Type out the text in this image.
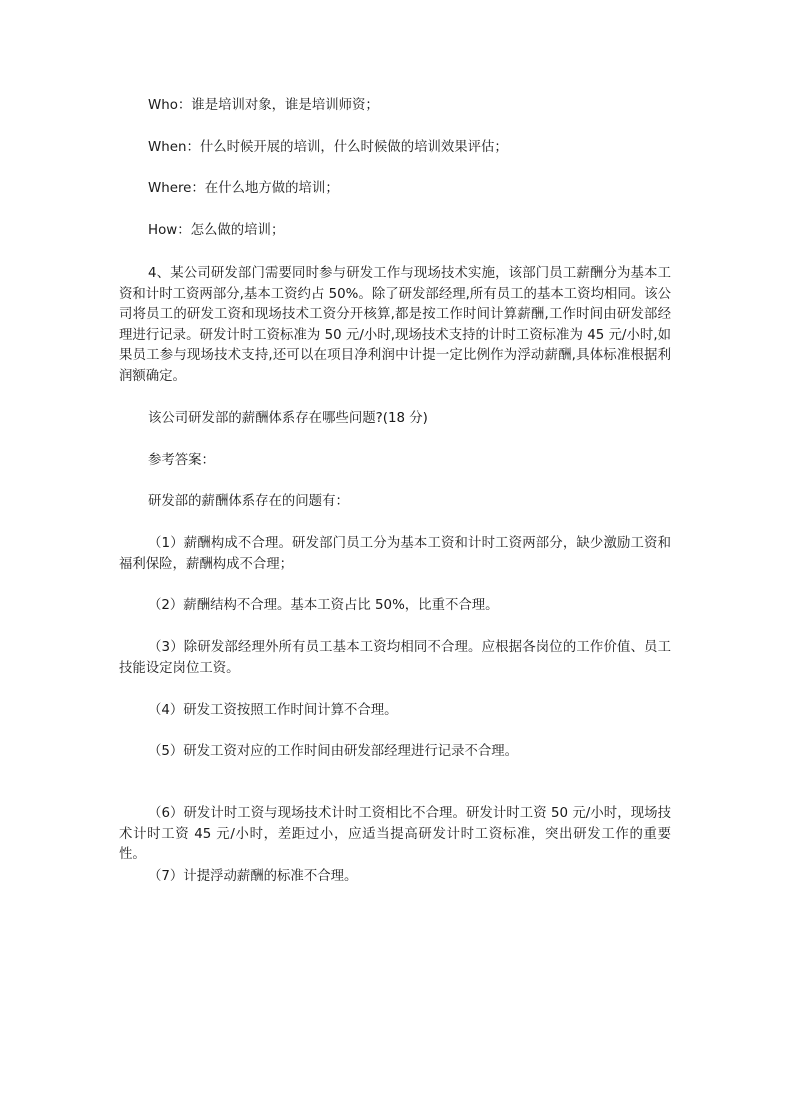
Who：谁是培训对象，谁是培训师资；

When：什么时候开展的培训，什么时候做的培训效果评估；

Where：在什么地方做的培训；

How：怎么做的培训；

4、某公司研发部门需要同时参与研发工作与现场技术实施，该部门员工薪酬分为基本工资和计时工资两部分,基本工资约占 50%。除了研发部经理,所有员工的基本工资均相同。该公司将员工的研发工资和现场技术工资分开核算,都是按工作时间计算薪酬,工作时间由研发部经理进行记录。研发计时工资标准为 50 元/小时,现场技术支持的计时工资标准为 45 元/小时,如果员工参与现场技术支持,还可以在项目净利润中计提一定比例作为浮动薪酬,具体标准根据利润额确定。

该公司研发部的薪酬体系存在哪些问题?(18 分)

参考答案：

研发部的薪酬体系存在的问题有：

（1）薪酬构成不合理。研发部门员工分为基本工资和计时工资两部分，缺少激励工资和福利保险，薪酬构成不合理；

（2）薪酬结构不合理。基本工资占比 50%，比重不合理。

（3）除研发部经理外所有员工基本工资均相同不合理。应根据各岗位的工作价值、员工技能设定岗位工资。

（4）研发工资按照工作时间计算不合理。

（5）研发工资对应的工作时间由研发部经理进行记录不合理。

（6）研发计时工资与现场技术计时工资相比不合理。研发计时工资 50 元/小时，现场技术计时工资 45 元/小时，差距过小，应适当提高研发计时工资标准，突出研发工作的重要性。

（7）计提浮动薪酬的标准不合理。
